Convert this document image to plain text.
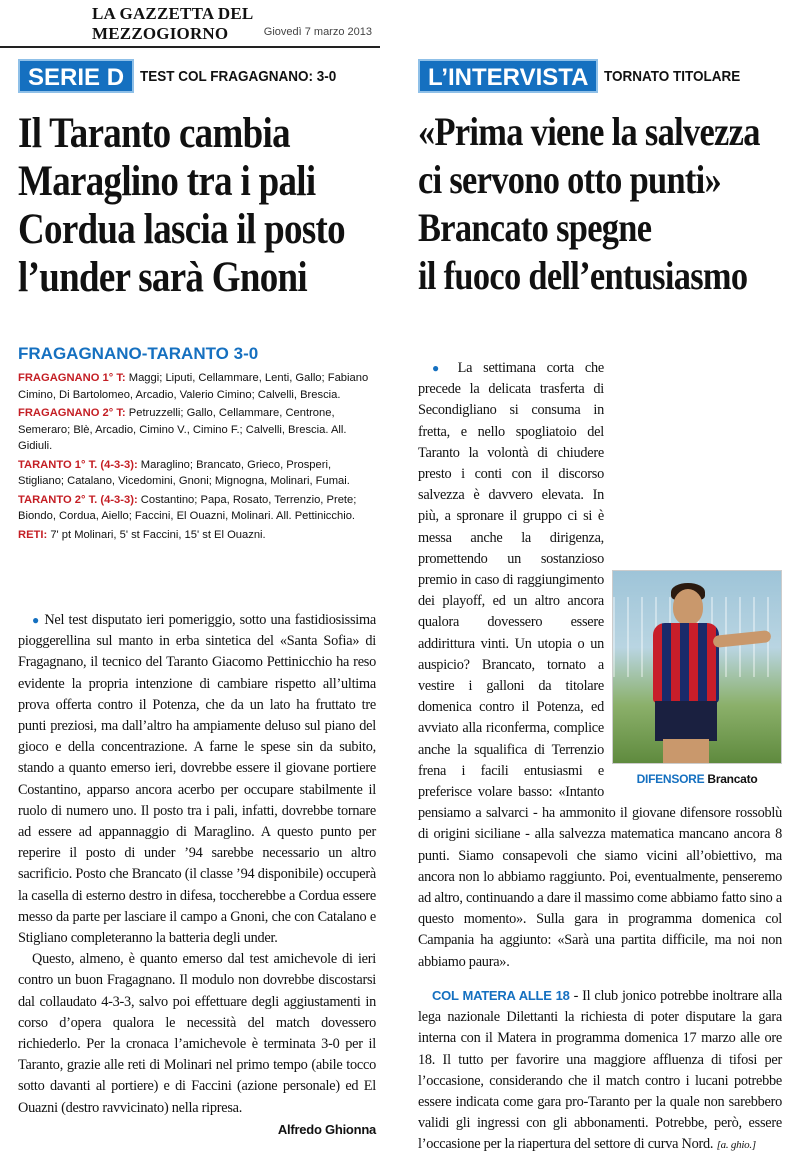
LA GAZZETTA DEL MEZZOGIORNO	Giovedì 7 marzo 2013
SERIE D	TEST COL FRAGAGNANO: 3-0
Il Taranto cambia
Maraglino tra i pali
Cordua lascia il posto
l’under sarà Gnoni
FRAGAGNANO-TARANTO 3-0
FRAGAGNANO 1° T: Maggi; Liputi, Cellammare, Lenti, Gallo; Fabiano Cimino, Di Bartolomeo, Arcadio, Valerio Cimino; Calvelli, Brescia.
FRAGAGNANO 2° T: Petruzzelli; Gallo, Cellammare, Centrone, Semeraro; Blè, Arcadio, Cimino V., Cimino F.; Calvelli, Brescia. All. Gidiuli.
TARANTO 1° T. (4-3-3): Maraglino; Brancato, Grieco, Prosperi, Stigliano; Catalano, Vicedomini, Gnoni; Mignogna, Molinari, Fumai.
TARANTO 2° T. (4-3-3): Costantino; Papa, Rosato, Terrenzio, Prete; Biondo, Cordua, Aiello; Faccini, El Ouazni, Molinari. All. Pettinicchio.
RETI: 7' pt Molinari, 5' st Faccini, 15' st El Ouazni.

● Nel test disputato ieri pomeriggio, sotto una fastidiosissima pioggerellina sul manto in erba sintetica del «Santa Sofia» di Fragagnano, il tecnico del Taranto Giacomo Pettinicchio ha reso evidente la propria intenzione di cambiare rispetto all’ultima prova offerta contro il Potenza, che da un lato ha fruttato tre punti preziosi, ma dall’altro ha ampiamente deluso sul piano del gioco e della concentrazione. A farne le spese sin da subito, stando a quanto emerso ieri, dovrebbe essere il giovane portiere Costantino, apparso ancora acerbo per occupare stabilmente il ruolo di numero uno. Il posto tra i pali, infatti, dovrebbe tornare ad essere ad appannaggio di Maraglino. A questo punto per reperire il posto di under ’94 sarebbe necessario un altro sacrificio. Posto che Brancato (il classe ’94 disponibile) occuperà la casella di esterno destro in difesa, toccherebbe a Cordua essere messo da parte per lasciare il campo a Gnoni, che con Catalano e Stigliano completeranno la batteria degli under.

Questo, almeno, è quanto emerso dal test amichevole di ieri contro un buon Fragagnano. Il modulo non dovrebbe discostarsi dal collaudato 4-3-3, salvo poi effettuare degli aggiustamenti in corso d’opera qualora le necessità del match dovessero richiederlo. Per la cronaca l’amichevole è terminata 3-0 per il Taranto, grazie alle reti di Molinari nel primo tempo (abile tocco sotto davanti al portiere) e di Faccini (azione personale) ed El Ouazni (destro ravvicinato) nella ripresa.

Alfredo Ghionna
L’INTERVISTA	TORNATO TITOLARE
«Prima viene la salvezza
ci servono otto punti»
Brancato spegne
il fuoco dell’entusiasmo
DIFENSORE Brancato

● La settimana corta che precede la delicata trasferta di Secondigliano si consuma in fretta, e nello spogliatoio del Taranto la volontà di chiudere presto i conti con il discorso salvezza è davvero elevata. In più, a spronare il gruppo ci si è messa anche la dirigenza, promettendo un sostanzioso premio in caso di raggiungimento dei playoff, ed un altro ancora qualora dovessero essere addirittura vinti. Un utopia o un auspicio? Brancato, tornato a vestire i galloni da titolare domenica contro il Potenza, ed avviato alla riconferma, complice anche la squalifica di Terrenzio frena i facili entusiasmi e preferisce volare basso: «Intanto pensiamo a salvarci - ha ammonito il giovane difensore rossoblù di origini siciliane - alla salvezza matematica mancano ancora 8 punti. Siamo consapevoli che siamo vicini all’obiettivo, ma ancora non lo abbiamo raggiunto. Poi, eventualmente, penseremo ad altro, continuando a dare il massimo come abbiamo fatto sino a questo momento». Sulla gara in programma domenica col Campania ha aggiunto: «Sarà una partita difficile, ma noi non abbiamo paura».

COL MATERA ALLE 18 - Il club jonico potrebbe inoltrare alla lega nazionale Dilettanti la richiesta di poter disputare la gara interna con il Matera in programma domenica 17 marzo alle ore 18. Il tutto per favorire una maggiore affluenza di tifosi per l’occasione, considerando che il match contro i lucani potrebbe essere indicata come gara pro-Taranto per la quale non sarebbero validi gli ingressi con gli abbonamenti. Potrebbe, però, essere l’occasione per la riapertura del settore di curva Nord. [a. ghio.]
